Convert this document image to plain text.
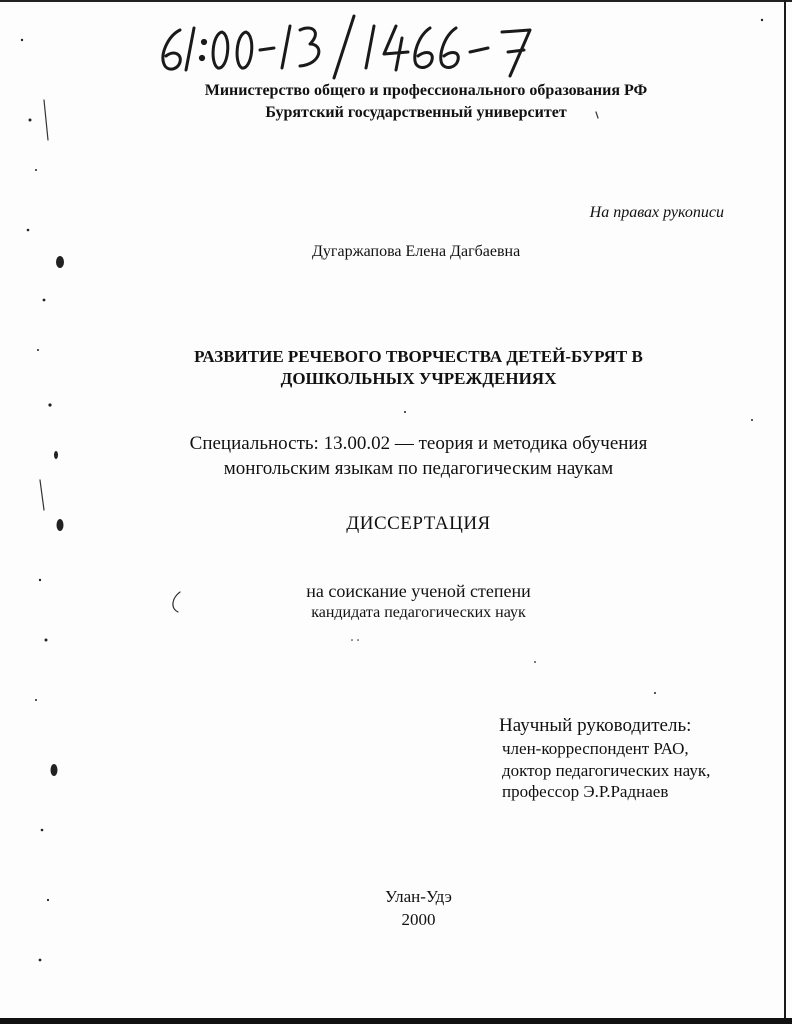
Министерство общего и профессионального образования РФ
Бурятский государственный университет
На правах рукописи
Дугаржапова Елена Дагбаевна
РАЗВИТИЕ РЕЧЕВОГО ТВОРЧЕСТВА ДЕТЕЙ-БУРЯТ В
ДОШКОЛЬНЫХ УЧРЕЖДЕНИЯХ
Специальность: 13.00.02 — теория и методика обучения
монгольским языкам по педагогическим наукам
ДИССЕРТАЦИЯ
на соискание ученой степени
кандидата педагогических наук
Научный руководитель:
член-корреспондент РАО,
доктор педагогических наук,
профессор Э.Р.Раднаев
Улан-Удэ
2000
